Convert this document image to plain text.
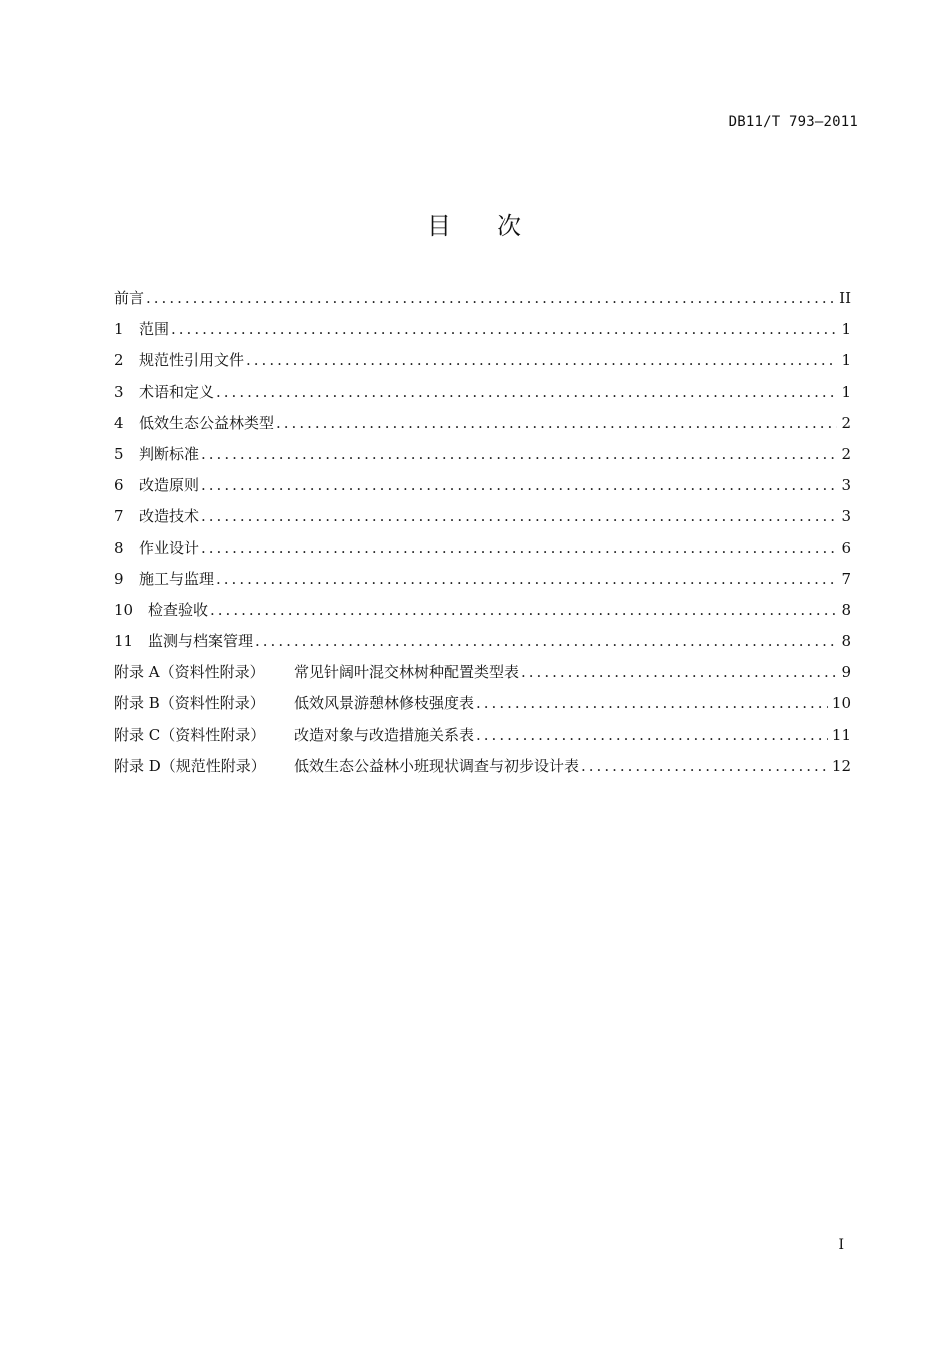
DB11/T 793—2011
目 次
前言 .....	II
1	范围 .....	1
2	规范性引用文件 .....	1
3	术语和定义 .....	1
4	低效生态公益林类型 .....	2
5	判断标准 .....	2
6	改造原则 .....	3
7	改造技术 .....	3
8	作业设计 .....	6
9	施工与监理 .....	7
10 检查验收 .....	8
11 监测与档案管理 .....	8
附录 A（资料性附录）	常见针阔叶混交林树种配置类型表 .....	9
附录 B（资料性附录）	低效风景游憩林修枝强度表 .....	10
附录 C（资料性附录）	改造对象与改造措施关系表 .....	11
附录 D（规范性附录）	低效生态公益林小班现状调查与初步设计表 .....	12
I
